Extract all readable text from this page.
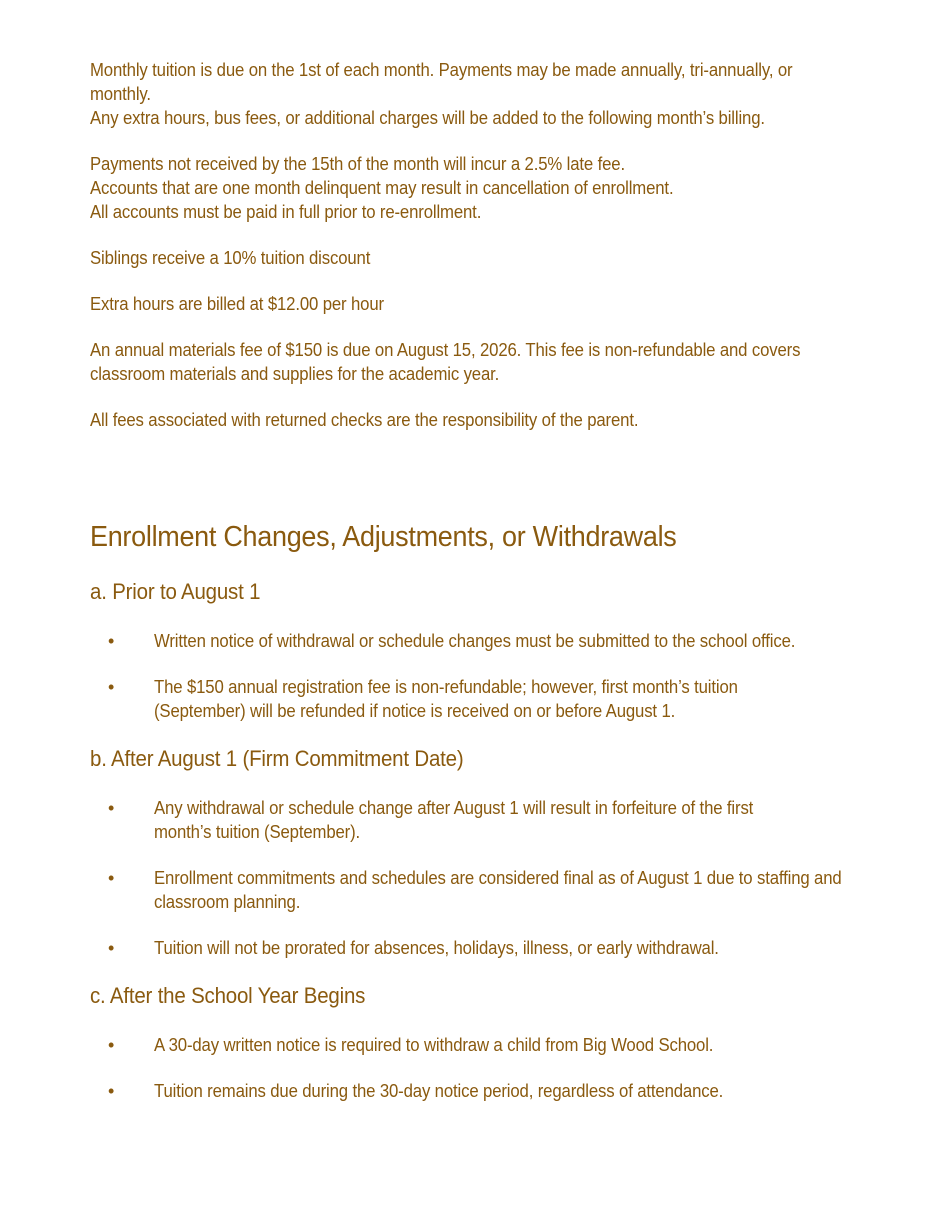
Monthly tuition is due on the 1st of each month. Payments may be made annually, tri-annually, or monthly.

Any extra hours, bus fees, or additional charges will be added to the following month’s billing.

Payments not received by the 15th of the month will incur a 2.5% late fee.

Accounts that are one month delinquent may result in cancellation of enrollment.

All accounts must be paid in full prior to re-enrollment.

Siblings receive a 10% tuition discount

Extra hours are billed at $12.00 per hour

An annual materials fee of $150 is due on August 15, 2026. This fee is non-refundable and covers classroom materials and supplies for the academic year.

All fees associated with returned checks are the responsibility of the parent.

Enrollment Changes, Adjustments, or Withdrawals
a. Prior to August 1
• Written notice of withdrawal or schedule changes must be submitted to the school office.

• The $150 annual registration fee is non-refundable; however, first month’s tuition (September) will be refunded if notice is received on or before August 1.

b. After August 1 (Firm Commitment Date)
• Any withdrawal or schedule change after August 1 will result in forfeiture of the first month’s tuition (September).

• Enrollment commitments and schedules are considered final as of August 1 due to staffing and classroom planning.

• Tuition will not be prorated for absences, holidays, illness, or early withdrawal.

c. After the School Year Begins
• A 30-day written notice is required to withdraw a child from Big Wood School.

• Tuition remains due during the 30-day notice period, regardless of attendance.
